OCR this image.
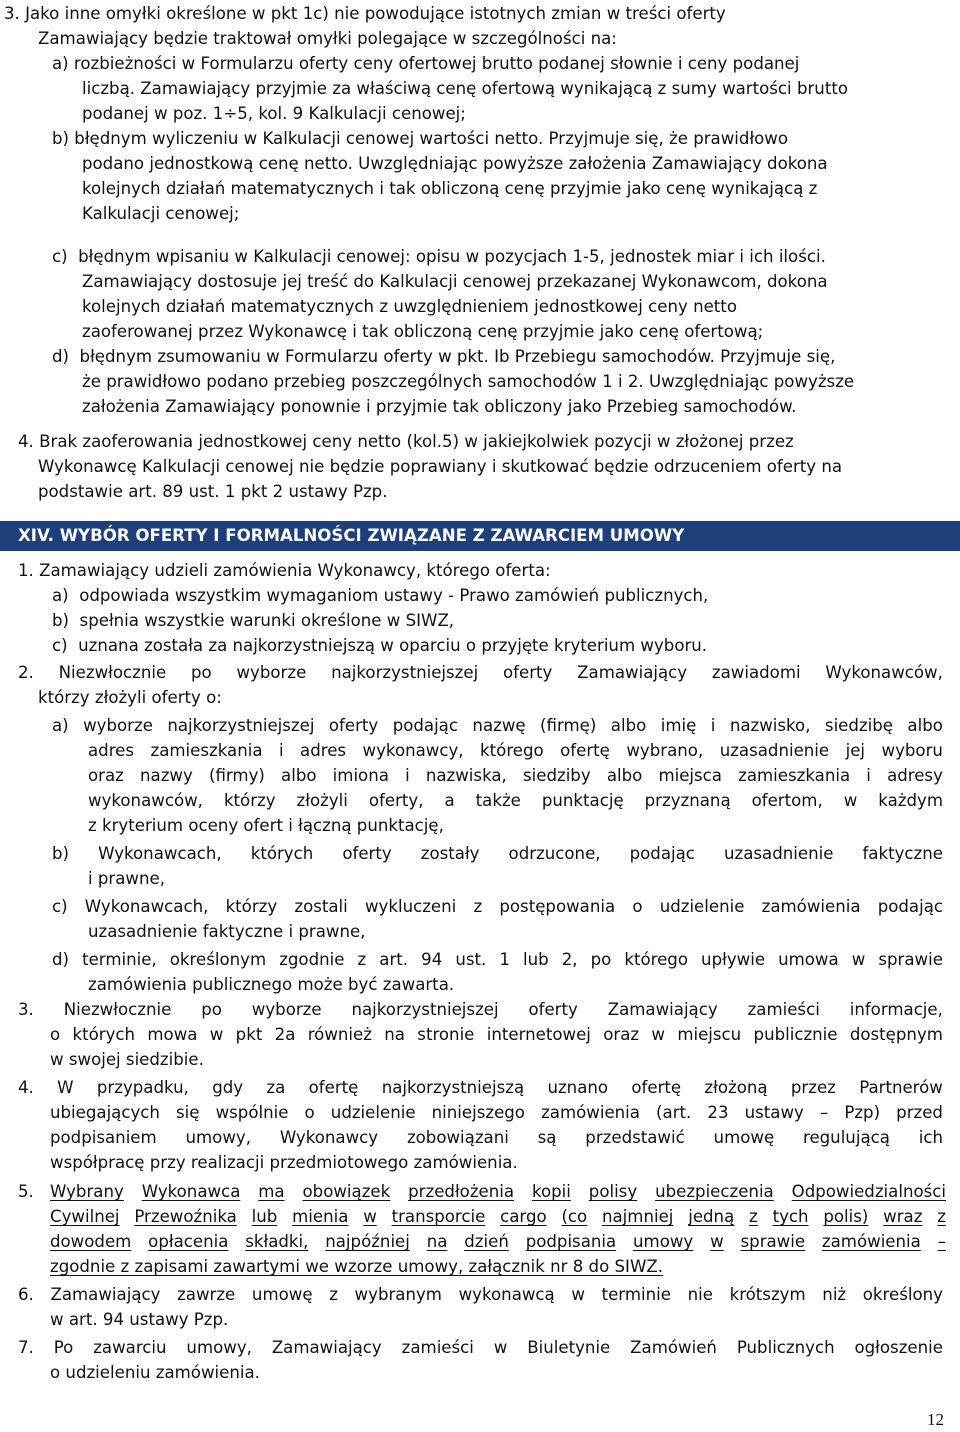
3. Jako inne omyłki określone w pkt 1c) nie powodujące istotnych zmian w treści oferty
Zamawiający będzie traktował omyłki polegające w szczególności na:
a) rozbieżności w Formularzu oferty ceny ofertowej brutto podanej słownie i ceny podanej
liczbą. Zamawiający przyjmie za właściwą cenę ofertową wynikającą z sumy wartości brutto
podanej w poz. 1÷5, kol. 9 Kalkulacji cenowej;
b) błędnym wyliczeniu w Kalkulacji cenowej wartości netto. Przyjmuje się, że prawidłowo
podano jednostkową cenę netto. Uwzględniając powyższe założenia Zamawiający dokona
kolejnych działań matematycznych i tak obliczoną cenę przyjmie jako cenę wynikającą z
Kalkulacji cenowej;
c)  błędnym wpisaniu w Kalkulacji cenowej: opisu w pozycjach 1-5, jednostek miar i ich ilości.
Zamawiający dostosuje jej treść do Kalkulacji cenowej przekazanej Wykonawcom, dokona
kolejnych działań matematycznych z uwzględnieniem jednostkowej ceny netto
zaoferowanej przez Wykonawcę i tak obliczoną cenę przyjmie jako cenę ofertową;
d)  błędnym zsumowaniu w Formularzu oferty w pkt. Ib Przebiegu samochodów. Przyjmuje się,
że prawidłowo podano przebieg poszczególnych samochodów 1 i 2. Uwzględniając powyższe
założenia Zamawiający ponownie i przyjmie tak obliczony jako Przebieg samochodów.
4. Brak zaoferowania jednostkowej ceny netto (kol.5) w jakiejkolwiek pozycji w złożonej przez
Wykonawcę Kalkulacji cenowej nie będzie poprawiany i skutkować będzie odrzuceniem oferty na
podstawie art. 89 ust. 1 pkt 2 ustawy Pzp.
1. Zamawiający udzieli zamówienia Wykonawcy, którego oferta:
a)  odpowiada wszystkim wymaganiom ustawy - Prawo zamówień publicznych,
b)  spełnia wszystkie warunki określone w SIWZ,
c)  uznana została za najkorzystniejszą w oparciu o przyjęte kryterium wyboru.
2. Niezwłocznie po wyborze najkorzystniejszej oferty Zamawiający zawiadomi Wykonawców,
którzy złożyli oferty o:
a) wyborze najkorzystniejszej oferty podając nazwę (firmę) albo imię i nazwisko, siedzibę albo
adres zamieszkania i adres wykonawcy, którego ofertę wybrano, uzasadnienie jej wyboru
oraz nazwy (firmy) albo imiona i nazwiska, siedziby albo miejsca zamieszkania i adresy
wykonawców, którzy złożyli oferty, a także punktację przyznaną ofertom, w każdym
z kryterium oceny ofert i łączną punktację,
b) Wykonawcach, których oferty zostały odrzucone, podając uzasadnienie faktyczne
i prawne,
c) Wykonawcach, którzy zostali wykluczeni z postępowania o udzielenie zamówienia podając
uzasadnienie faktyczne i prawne,
d) terminie, określonym zgodnie z art. 94 ust. 1 lub 2, po którego upływie umowa w sprawie
zamówienia publicznego może być zawarta.
3. Niezwłocznie po wyborze najkorzystniejszej oferty Zamawiający zamieści informacje,
o których mowa w pkt 2a również na stronie internetowej oraz w miejscu publicznie dostępnym
w swojej siedzibie.
4. W przypadku, gdy za ofertę najkorzystniejszą uznano ofertę złożoną przez Partnerów
ubiegających się wspólnie o udzielenie niniejszego zamówienia (art. 23 ustawy – Pzp) przed
podpisaniem umowy, Wykonawcy zobowiązani są przedstawić umowę regulującą ich
współpracę przy realizacji przedmiotowego zamówienia.
XIV. WYBÓR OFERTY I FORMALNOŚCI ZWIĄZANE Z ZAWARCIEM UMOWY
5. Wybrany Wykonawca ma obowiązek przedłożenia kopii polisy ubezpieczenia Odpowiedzialności
Cywilnej Przewoźnika lub mienia w transporcie cargo (co najmniej jedną z tych polis) wraz z
dowodem opłacenia składki, najpóźniej na dzień podpisania umowy w sprawie zamówienia –
zgodnie z zapisami zawartymi we wzorze umowy, załącznik nr 8 do SIWZ.
6. Zamawiający zawrze umowę z wybranym wykonawcą w terminie nie krótszym niż określony
w art. 94 ustawy Pzp.
7. Po zawarciu umowy, Zamawiający zamieści w Biuletynie Zamówień Publicznych ogłoszenie
o udzieleniu zamówienia.
12
